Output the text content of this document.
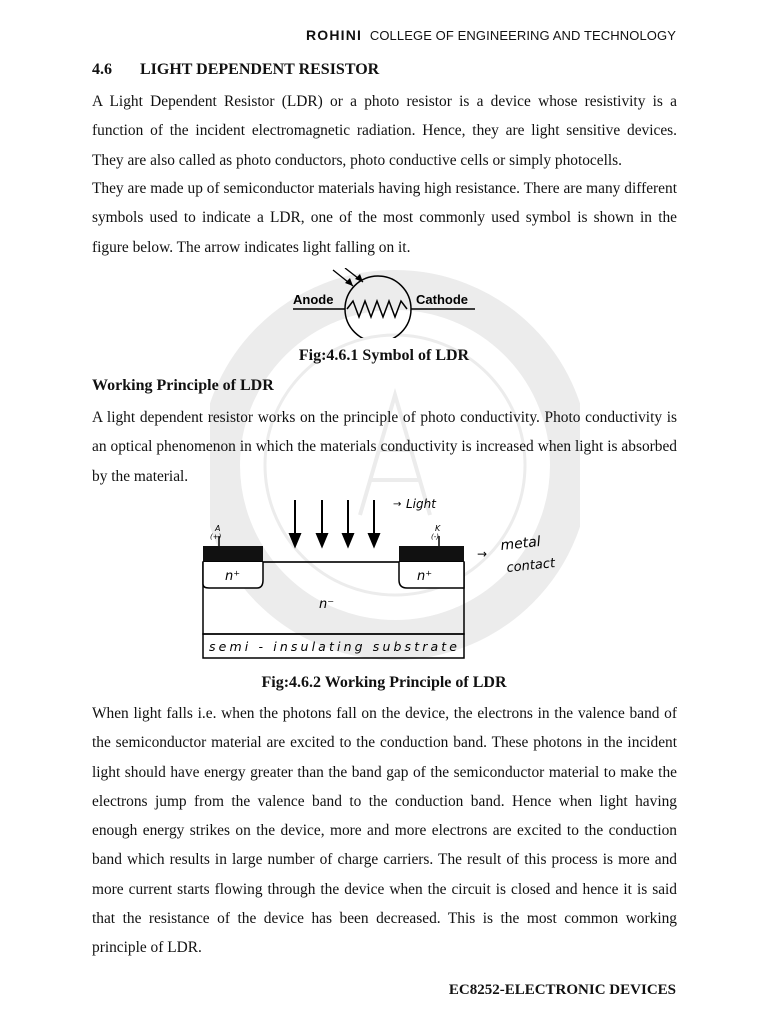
ROHINI COLLEGE OF ENGINEERING AND TECHNOLOGY
4.6 LIGHT DEPENDENT RESISTOR

A Light Dependent Resistor (LDR) or a photo resistor is a device whose resistivity is a function of the incident electromagnetic radiation. Hence, they are light sensitive devices. They are also called as photo conductors, photo conductive cells or simply photocells.

They are made up of semiconductor materials having high resistance. There are many different symbols used to indicate a LDR, one of the most commonly used symbol is shown in the figure below. The arrow indicates light falling on it.

Anode	Cathode
Fig:4.6.1 Symbol of LDR
Working Principle of LDR

A light dependent resistor works on the principle of photo conductivity. Photo conductivity is an optical phenomenon in which the materials conductivity is increased when light is absorbed by the material.

→ Light
A
(+)
K
(-)
→
metal
contact
n⁺	n⁺
n⁻
semi - insulating substrate
Fig:4.6.2 Working Principle of LDR

When light falls i.e. when the photons fall on the device, the electrons in the valence band of the semiconductor material are excited to the conduction band. These photons in the incident light should have energy greater than the band gap of the semiconductor material to make the electrons jump from the valence band to the conduction band. Hence when light having enough energy strikes on the device, more and more electrons are excited to the conduction band which results in large number of charge carriers. The result of this process is more and more current starts flowing through the device when the circuit is closed and hence it is said that the resistance of the device has been decreased. This is the most common working principle of LDR.

EC8252-ELECTRONIC DEVICES
